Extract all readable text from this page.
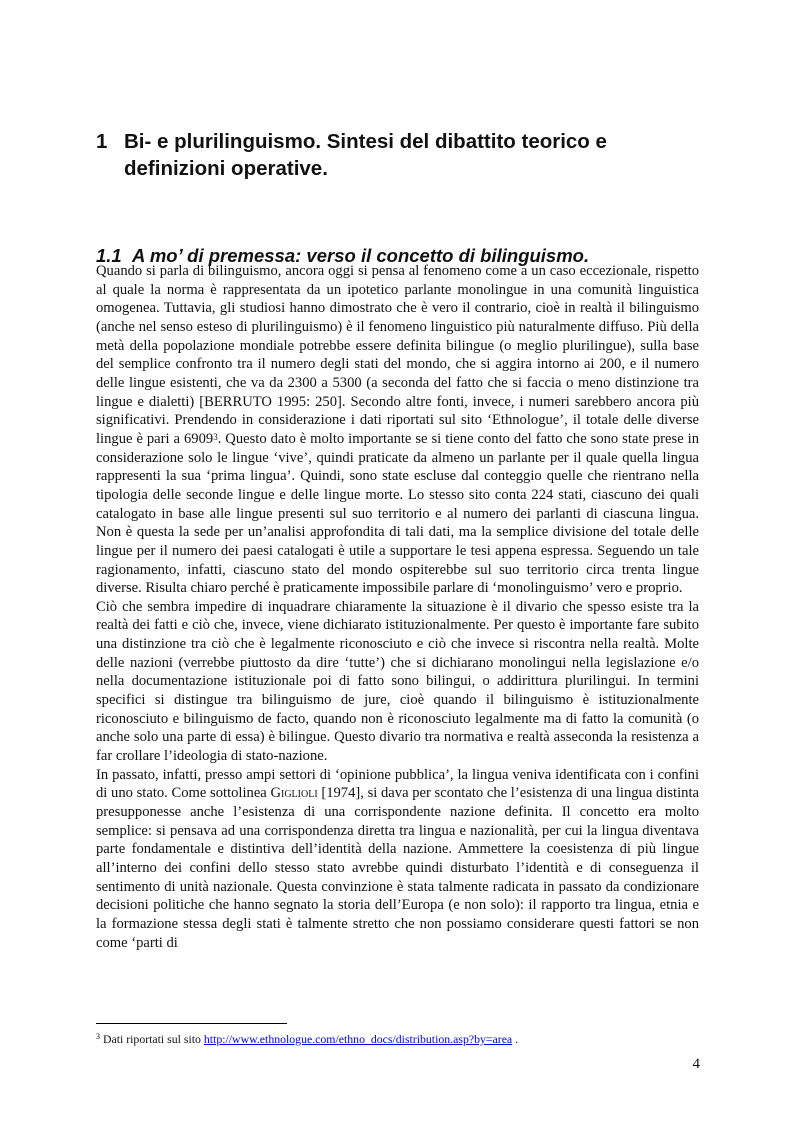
1 Bi- e plurilinguismo. Sintesi del dibattito teorico e definizioni operative.
1.1 A mo’ di premessa: verso il concetto di bilinguismo.

Quando si parla di bilinguismo, ancora oggi si pensa al fenomeno come a un caso eccezionale, rispetto al quale la norma è rappresentata da un ipotetico parlante monolingue in una comunità linguistica omogenea. Tuttavia, gli studiosi hanno dimostrato che è vero il contrario, cioè in realtà il bilinguismo (anche nel senso esteso di plurilinguismo) è il fenomeno linguistico più naturalmente diffuso. Più della metà della popolazione mondiale potrebbe essere definita bilingue (o meglio plurilingue), sulla base del semplice confronto tra il numero degli stati del mondo, che si aggira intorno ai 200, e il numero delle lingue esistenti, che va da 2300 a 5300 (a seconda del fatto che si faccia o meno distinzione tra lingue e dialetti) [BERRUTO 1995: 250]. Secondo altre fonti, invece, i numeri sarebbero ancora più significativi. Prendendo in considerazione i dati riportati sul sito ‘Ethnologue’, il totale delle diverse lingue è pari a 6909$^3$. Questo dato è molto importante se si tiene conto del fatto che sono state prese in considerazione solo le lingue ‘vive’, quindi praticate da almeno un parlante per il quale quella lingua rappresenti la sua ‘prima lingua’. Quindi, sono state escluse dal conteggio quelle che rientrano nella tipologia delle seconde lingue e delle lingue morte. Lo stesso sito conta 224 stati, ciascuno dei quali catalogato in base alle lingue presenti sul suo territorio e al numero dei parlanti di ciascuna lingua. Non è questa la sede per un’analisi approfondita di tali dati, ma la semplice divisione del totale delle lingue per il numero dei paesi catalogati è utile a supportare le tesi appena espressa. Seguendo un tale ragionamento, infatti, ciascuno stato del mondo ospiterebbe sul suo territorio circa trenta lingue diverse. Risulta chiaro perché è praticamente impossibile parlare di ‘monolinguismo’ vero e proprio.

Ciò che sembra impedire di inquadrare chiaramente la situazione è il divario che spesso esiste tra la realtà dei fatti e ciò che, invece, viene dichiarato istituzionalmente. Per questo è importante fare subito una distinzione tra ciò che è legalmente riconosciuto e ciò che invece si riscontra nella realtà. Molte delle nazioni (verrebbe piuttosto da dire ‘tutte’) che si dichiarano monolingui nella legislazione e/o nella documentazione istituzionale poi di fatto sono bilingui, o addirittura plurilingui. In termini specifici si distingue tra bilinguismo de jure, cioè quando il bilinguismo è istituzionalmente riconosciuto e bilinguismo de facto, quando non è riconosciuto legalmente ma di fatto la comunità (o anche solo una parte di essa) è bilingue. Questo divario tra normativa e realtà asseconda la resistenza a far crollare l’ideologia di stato-nazione.

In passato, infatti, presso ampi settori di ‘opinione pubblica’, la lingua veniva identificata con i confini di uno stato. Come sottolinea Giglioli [1974], si dava per scontato che l’esistenza di una lingua distinta presupponesse anche l’esistenza di una corrispondente nazione definita. Il concetto era molto semplice: si pensava ad una corrispondenza diretta tra lingua e nazionalità, per cui la lingua diventava parte fondamentale e distintiva dell’identità della nazione. Ammettere la coesistenza di più lingue all’interno dei confini dello stesso stato avrebbe quindi disturbato l’identità e di conseguenza il sentimento di unità nazionale. Questa convinzione è stata talmente radicata in passato da condizionare decisioni politiche che hanno segnato la storia dell’Europa (e non solo): il rapporto tra lingua, etnia e la formazione stessa degli stati è talmente stretto che non possiamo considerare questi fattori se non come ‘parti di

$^3$ Dati riportati sul sito http://www.ethnologue.com/ethno_docs/distribution.asp?by=area .
4
